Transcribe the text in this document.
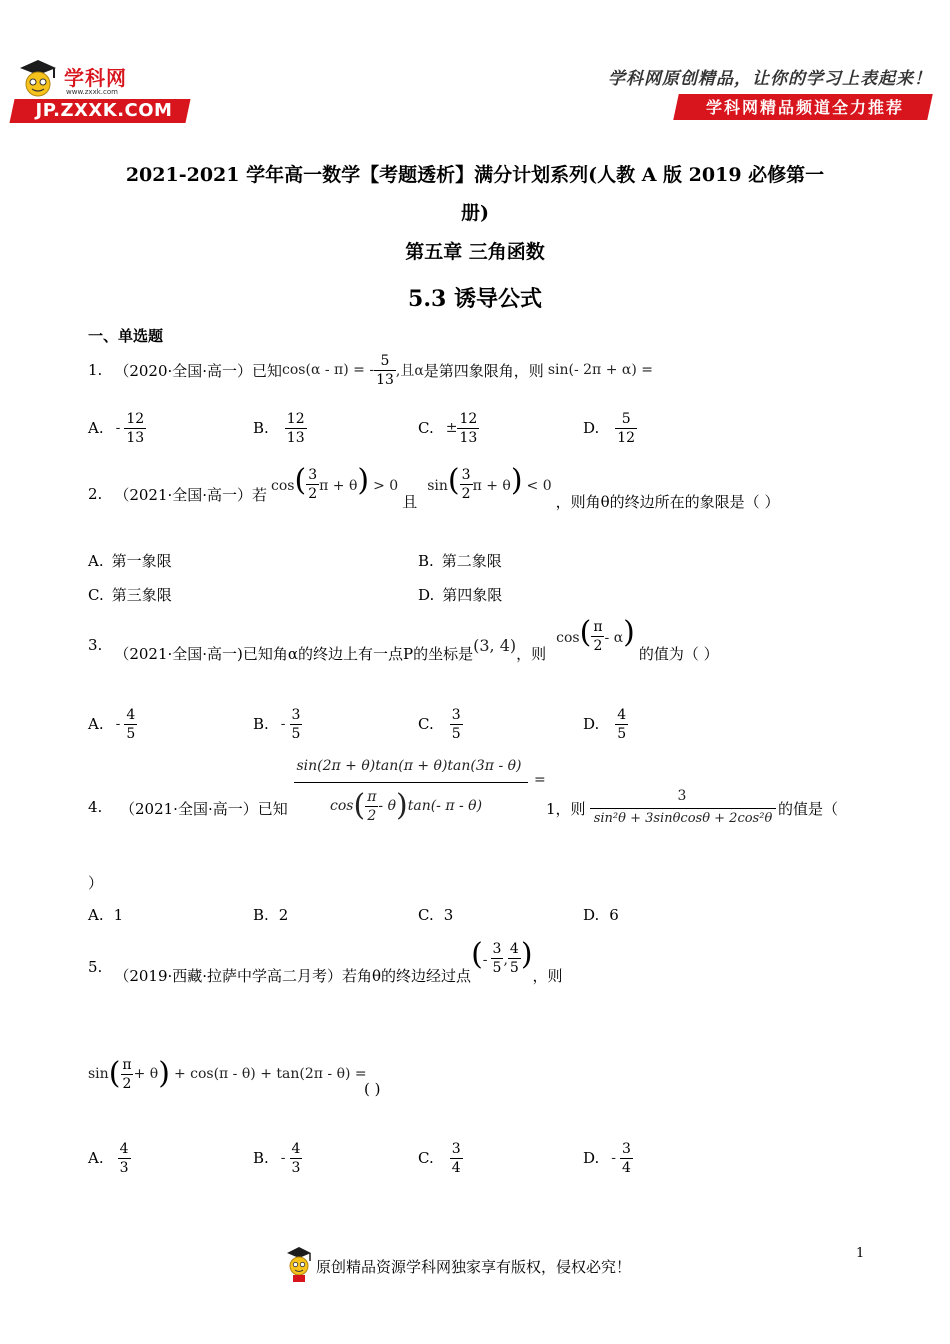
学科网
www.zxxk.com
JP.ZXXK.COM
学科网原创精品，让你的学习上表起来！
学科网精品频道全力推荐
2021-2021 学年高一数学【考题透析】满分计划系列(人教 A 版 2019 必修第一
册)
第五章 三角函数
5.3 诱导公式
一、单选题
1. （2020·全国·高一）已知 cos(α - π) = - $\frac{5}{13}$ ,且α 是第四象限角，则 sin(- 2π + α) =
A. - $\frac{12}{13}$	B. $\frac{12}{13}$	C. ± $\frac{12}{13}$	D. $\frac{5}{12}$
2. （2021·全国·高一）若 cos ( $\frac{3}{2}$ π + θ ) > 0
且
sin ( $\frac{3}{2}$ π + θ ) < 0
，则角θ的终边所在的象限是（ ）
A. 第一象限	B. 第二象限
C. 第三象限	D. 第四象限
3. （2021·全国·高一)已知角α的终边上有一点P的坐标是 (3, 4) ，则
cos ( $\frac{\pi}{2}$ - α )
的值为（ ）
A. - $\frac{4}{5}$	B. - $\frac{3}{5}$	C. $\frac{3}{5}$	D. $\frac{4}{5}$
4. （2021·全国·高一）已知
sin(2π + θ)tan(π + θ)tan(3π - θ)
cos ( $\frac{\pi}{2}$ - θ ) tan(- π - θ)
=
1，则
3
sin²θ + 3sinθcosθ + 2cos²θ
的值是（
）
A. 1	B. 2	C. 3	D. 6
5. （2019·西藏·拉萨中学高二月考）若角θ的终边经过点
( - $\frac{3}{5}$ , $\frac{4}{5}$ )
，则
sin ( $\frac{\pi}{2} + \theta$ ) + cos(π - θ) + tan(2π - θ) =
( )
A. $\frac{4}{3}$	B. - $\frac{4}{3}$	C. $\frac{3}{4}$	D. - $\frac{3}{4}$
1
原创精品资源学科网独家享有版权，侵权必究！
